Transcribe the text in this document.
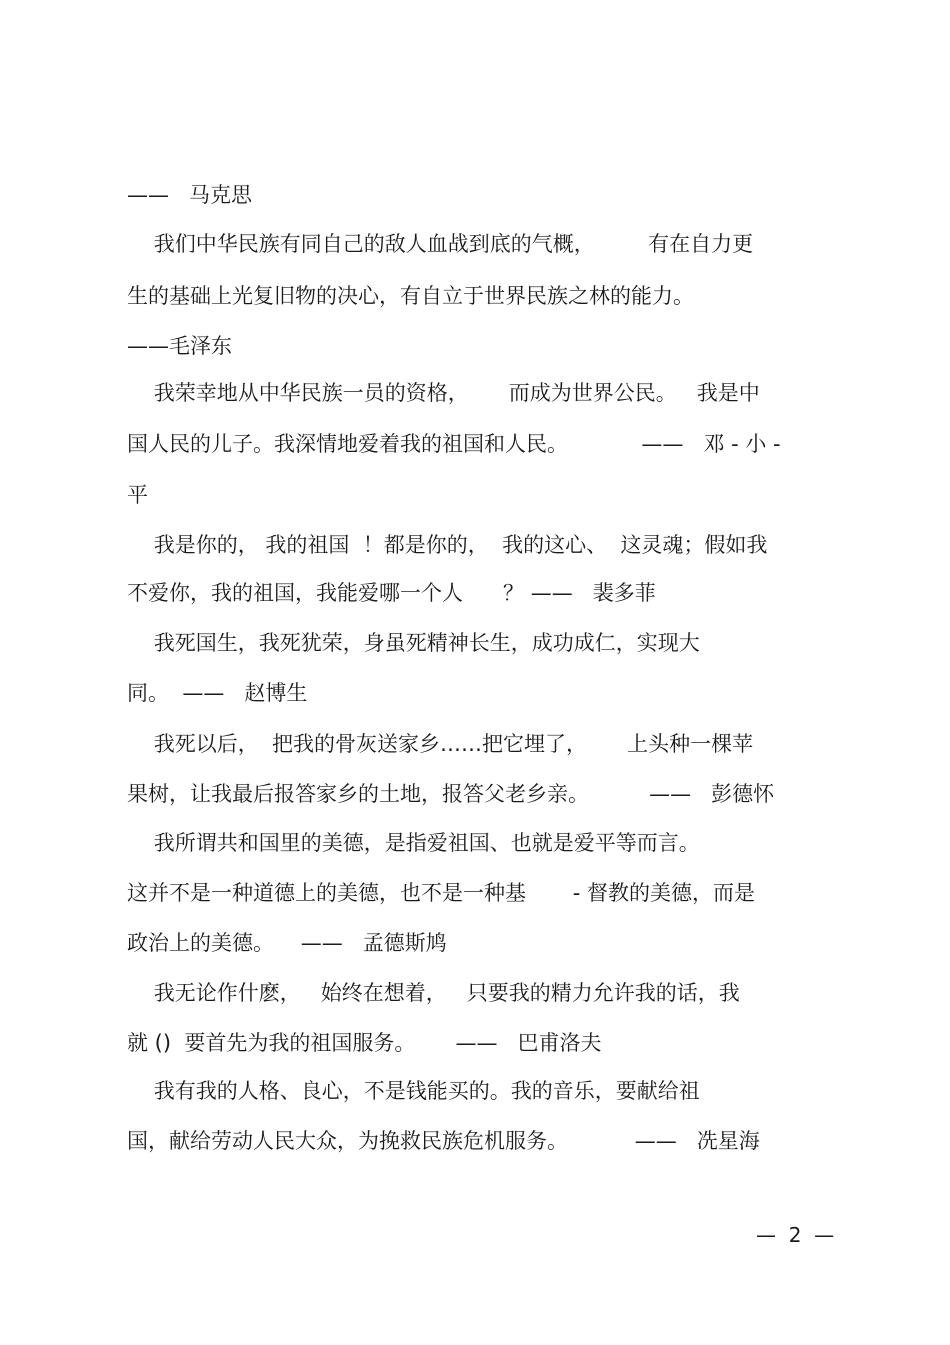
——   马克思

我们中华民族有同自己的敌人血战到底的气概，        有在自力更

生的基础上光复旧物的决心，有自立于世界民族之林的能力。

——毛泽东

我荣幸地从中华民族一员的资格，      而成为世界公民。   我是中

国人民的儿子。我深情地爱着我的祖国和人民。           ——   邓 - 小 -

平

我是你的， 我的祖国  ！都是你的，  我的这心、  这灵魂；假如我

不爱你，我的祖国，我能爱哪一个人      ？ ——   裴多菲

我死国生，我死犹荣，身虽死精神长生，成功成仁，实现大

同。  ——   赵博生

我死以后，  把我的骨灰送家乡……把它埋了，      上头种一棵苹

果树，让我最后报答家乡的土地，报答父老乡亲。         ——   彭德怀

我所谓共和国里的美德，是指爱祖国、也就是爱平等而言。

这并不是一种道德上的美德，也不是一种基       - 督教的美德，而是

政治上的美德。    ——   孟德斯鸠

我无论作什麽，   始终在想着，   只要我的精力允许我的话，我

就 ()  要首先为我的祖国服务。      ——   巴甫洛夫

我有我的人格、良心，不是钱能买的。我的音乐，要献给祖

国，献给劳动人民大众，为挽救民族危机服务。          ——   冼星海

—  2  —
